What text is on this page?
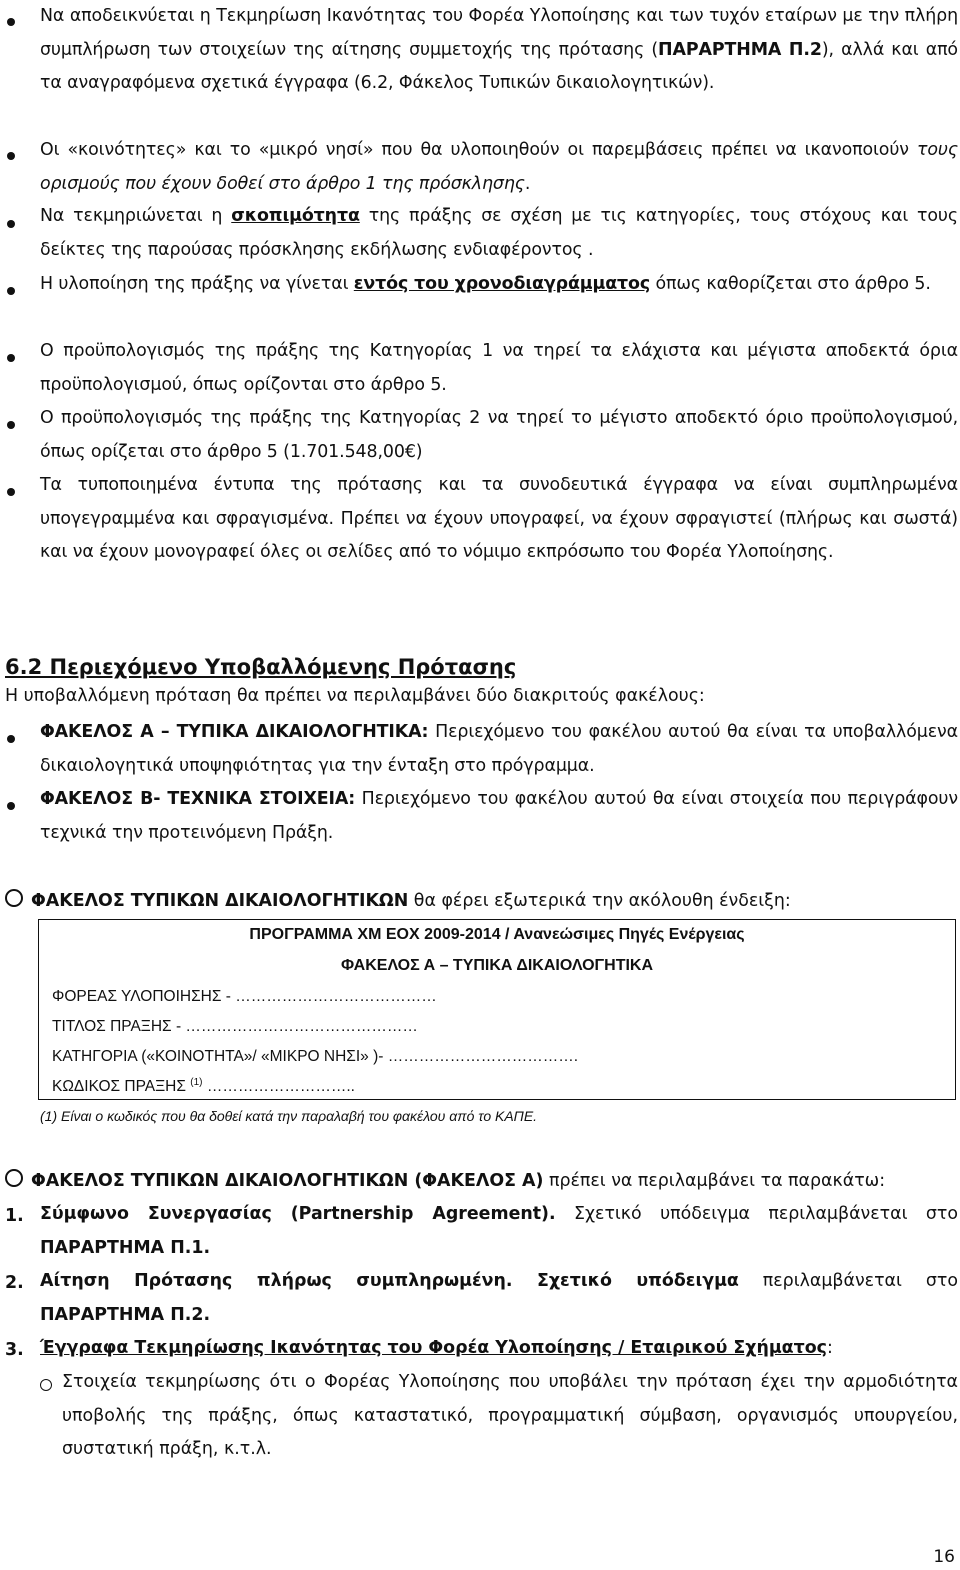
Να αποδεικνύεται η Τεκμηρίωση Ικανότητας του Φορέα Υλοποίησης και των τυχόν εταίρων με την πλήρη συμπλήρωση των στοιχείων της αίτησης συμμετοχής της πρότασης (ΠΑΡΑΡΤΗΜΑ Π.2), αλλά και από τα αναγραφόμενα σχετικά έγγραφα (6.2, Φάκελος Τυπικών δικαιολογητικών).
Οι «κοινότητες» και το «μικρό νησί» που θα υλοποιηθούν οι παρεμβάσεις πρέπει να ικανοποιούν τους ορισμούς που έχουν δοθεί στο άρθρο 1 της πρόσκλησης.
Να τεκμηριώνεται η σκοπιμότητα της πράξης σε σχέση με τις κατηγορίες, τους στόχους και τους δείκτες της παρούσας πρόσκλησης εκδήλωσης ενδιαφέροντος .
Η υλοποίηση της πράξης να γίνεται εντός του χρονοδιαγράμματος όπως καθορίζεται στο άρθρο 5.
Ο προϋπολογισμός της πράξης της Κατηγορίας 1 να τηρεί τα ελάχιστα και μέγιστα αποδεκτά όρια προϋπολογισμού, όπως ορίζονται στο άρθρο 5.
Ο προϋπολογισμός της πράξης της Κατηγορίας 2 να τηρεί το μέγιστο αποδεκτό όριο προϋπολογισμού, όπως ορίζεται στο άρθρο 5 (1.701.548,00€)
Τα τυποποιημένα έντυπα της πρότασης και τα συνοδευτικά έγγραφα να είναι συμπληρωμένα υπογεγραμμένα και σφραγισμένα. Πρέπει να έχουν υπογραφεί, να έχουν σφραγιστεί (πλήρως και σωστά) και να έχουν μονογραφεί όλες οι σελίδες από το νόμιμο εκπρόσωπο του Φορέα Υλοποίησης.
6.2 Περιεχόμενο Υποβαλλόμενης Πρότασης
Η υποβαλλόμενη πρόταση θα πρέπει να περιλαμβάνει δύο διακριτούς φακέλους:
ΦΑΚΕΛΟΣ Α – ΤΥΠΙΚΑ ΔΙΚΑΙΟΛΟΓΗΤΙΚΑ: Περιεχόμενο του φακέλου αυτού θα είναι τα υποβαλλόμενα δικαιολογητικά υποψηφιότητας για την ένταξη στο πρόγραμμα.
ΦΑΚΕΛΟΣ Β- ΤΕΧΝΙΚΑ ΣΤΟΙΧΕΙΑ: Περιεχόμενο του φακέλου αυτού θα είναι στοιχεία που περιγράφουν τεχνικά την προτεινόμενη Πράξη.
ΦΑΚΕΛΟΣ ΤΥΠΙΚΩΝ ΔΙΚΑΙΟΛΟΓΗΤΙΚΩΝ θα φέρει εξωτερικά την ακόλουθη ένδειξη:
ΠΡΟΓΡΑΜΜΑ ΧΜ ΕΟΧ 2009-2014 / Ανανεώσιμες Πηγές Ενέργειας
ΦΑΚΕΛΟΣ Α – ΤΥΠΙΚΑ ΔΙΚΑΙΟΛΟΓΗΤΙΚΑ
ΦΟΡΕΑΣ ΥΛΟΠΟΙΗΣΗΣ - …………………………………
ΤΙΤΛΟΣ ΠΡΑΞΗΣ - ………………………………………
ΚΑΤΗΓΟΡΙΑ («ΚΟΙΝΟΤΗΤΑ»/ «ΜΙΚΡΟ ΝΗΣΙ» )- ……………………………….
ΚΩΔΙΚΟΣ ΠΡΑΞΗΣ $^{(1)}$ ………………………..
(1) Είναι ο κωδικός που θα δοθεί κατά την παραλαβή του φακέλου από το ΚΑΠΕ.
ΦΑΚΕΛΟΣ ΤΥΠΙΚΩΝ ΔΙΚΑΙΟΛΟΓΗΤΙΚΩΝ (ΦΑΚΕΛΟΣ Α) πρέπει να περιλαμβάνει τα παρακάτω:
1. Σύμφωνο Συνεργασίας (Partnership Agreement). Σχετικό υπόδειγμα περιλαμβάνεται στο ΠΑΡΑΡΤΗΜΑ Π.1.
2. Αίτηση Πρότασης πλήρως συμπληρωμένη. Σχετικό υπόδειγμα περιλαμβάνεται στο ΠΑΡΑΡΤΗΜΑ Π.2.
3. Έγγραφα Τεκμηρίωσης Ικανότητας του Φορέα Υλοποίησης / Εταιρικού Σχήματος:
Στοιχεία τεκμηρίωσης ότι ο Φορέας Υλοποίησης που υποβάλει την πρόταση έχει την αρμοδιότητα υποβολής της πράξης, όπως καταστατικό, προγραμματική σύμβαση, οργανισμός υπουργείου, συστατική πράξη, κ.τ.λ.
16
